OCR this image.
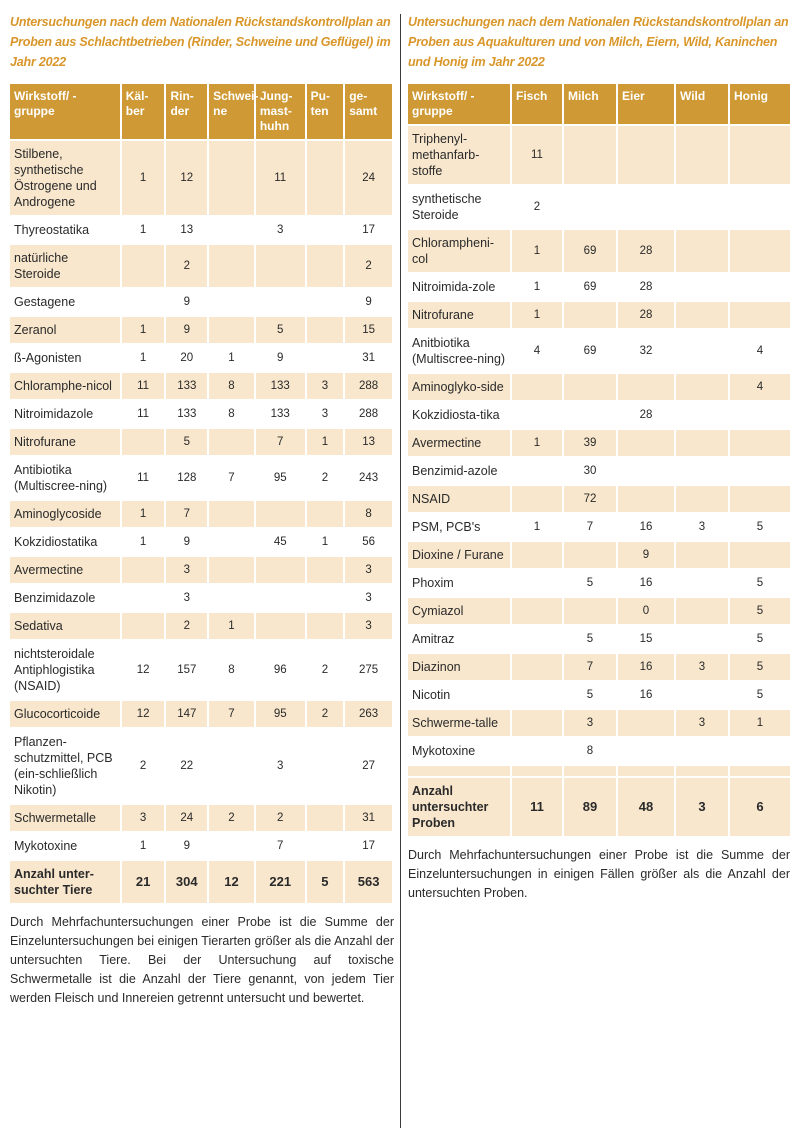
Untersuchungen nach dem Nationalen Rückstandskontrollplan an Proben aus Schlachtbetrieben (Rinder, Schweine und Geflügel) im Jahr 2022
Wirkstoff/ -gruppe	Käl-ber	Rin-der	Schwei-ne	Jung-mast-huhn	Pu-ten	ge-samt
Stilbene, synthetische Östrogene und Androgene	1	12		11		24
Thyreostatika	1	13		3		17
natürliche Steroide		2				2
Gestagene		9				9
Zeranol	1	9		5		15
ß-Agonisten	1	20	1	9		31
Chloramphe-nicol	11	133	8	133	3	288
Nitroimidazole	11	133	8	133	3	288
Nitrofurane		5		7	1	13
Antibiotika (Multiscree-ning)	11	128	7	95	2	243
Aminoglycoside	1	7				8
Kokzidiostatika	1	9		45	1	56
Avermectine		3				3
Benzimidazole		3				3
Sedativa		2	1			3
nichtsteroidale Antiphlogistika (NSAID)	12	157	8	96	2	275
Glucocorticoide	12	147	7	95	2	263
Pflanzen-schutzmittel, PCB (ein-schließlich Nikotin)	2	22		3		27
Schwermetalle	3	24	2	2		31
Mykotoxine	1	9		7		17
Anzahl unter-suchter Tiere	21	304	12	221	5	563
Durch Mehrfachuntersuchungen einer Probe ist die Summe der Einzeluntersuchungen bei einigen Tierarten größer als die Anzahl der untersuchten Tiere. Bei der Untersuchung auf toxische Schwermetalle ist die Anzahl der Tiere genannt, von jedem Tier werden Fleisch und Innereien getrennt untersucht und bewertet.
Untersuchungen nach dem Nationalen Rückstandskontrollplan an Proben aus Aquakulturen und von Milch, Eiern, Wild, Kaninchen und Honig im Jahr 2022
Wirkstoff/ -gruppe	Fisch	Milch	Eier	Wild	Honig
Triphenyl-methanfarb-stoffe	11				
synthetische Steroide	2				
Chlorampheni-col	1	69	28		
Nitroimida-zole	1	69	28		
Nitrofurane	1		28		
Anitbiotika (Multiscree-ning)	4	69	32		4
Aminoglyko-side					4
Kokzidiosta-tika			28		
Avermectine	1	39			
Benzimid-azole		30			
NSAID		72			
PSM, PCB's	1	7	16	3	5
Dioxine / Furane			9		
Phoxim		5	16		5
Cymiazol			0		5
Amitraz		5	15		5
Diazinon		7	16	3	5
Nicotin		5	16		5
Schwerme-talle		3		3	1
Mykotoxine		8			

Anzahl untersuchter Proben	11	89	48	3	6
Durch Mehrfachuntersuchungen einer Probe ist die Summe der Einzeluntersuchungen in einigen Fällen größer als die Anzahl der untersuchten Proben.
